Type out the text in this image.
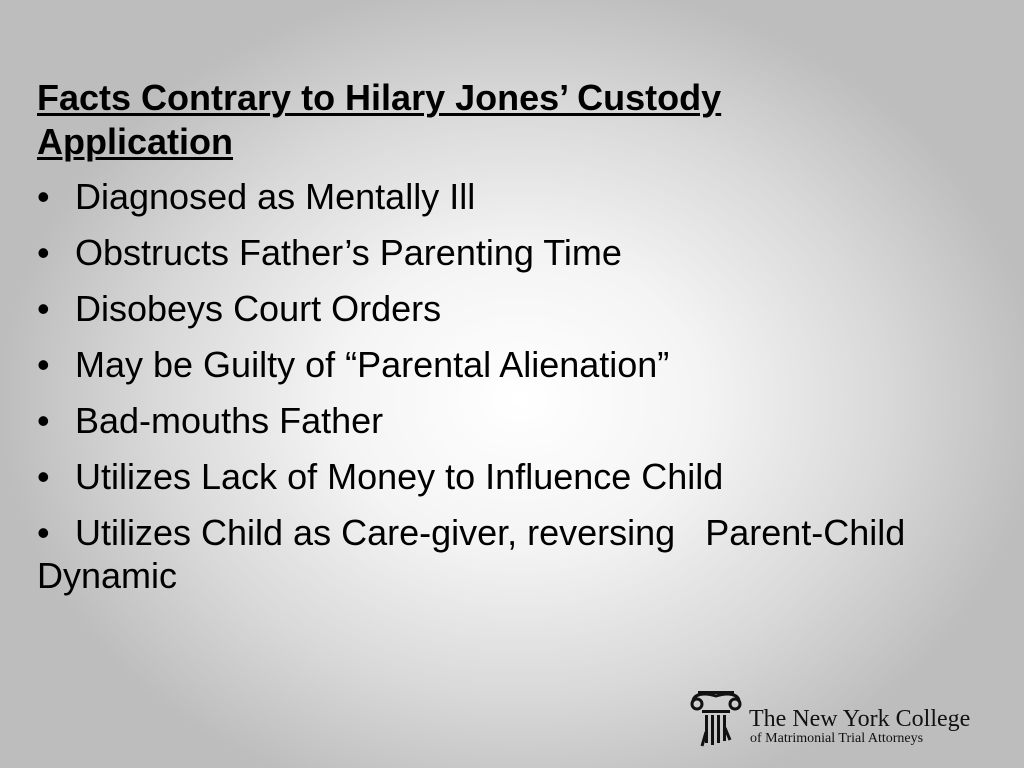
Facts Contrary to Hilary Jones’ Custody Application
• Diagnosed as Mentally Ill
• Obstructs Father’s Parenting Time
• Disobeys Court Orders
• May be Guilty of “Parental Alienation”
• Bad-mouths Father
• Utilizes Lack of Money to Influence Child
• Utilizes Child as Care-giver, reversing   Parent-Child Dynamic
The New York College
of Matrimonial Trial Attorneys
